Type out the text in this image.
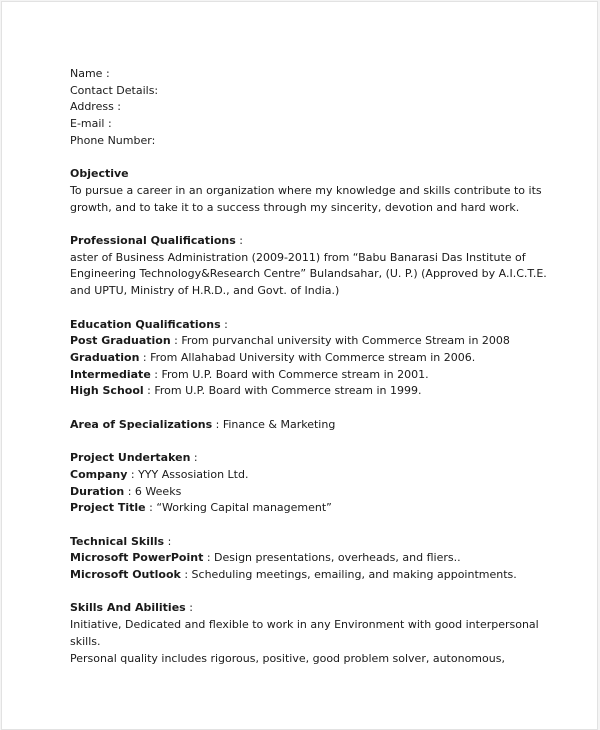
Name :
Contact Details:
Address :
E-mail :
Phone Number:
Objective
To pursue a career in an organization where my knowledge and skills contribute to its
growth, and to take it to a success through my sincerity, devotion and hard work.
Professional Qualifications :
aster of Business Administration (2009-2011) from “Babu Banarasi Das Institute of
Engineering Technology&Research Centre” Bulandsahar, (U. P.) (Approved by A.I.C.T.E.
and UPTU, Ministry of H.R.D., and Govt. of India.)
Education Qualifications :
Post Graduation : From purvanchal university with Commerce Stream in 2008
Graduation : From Allahabad University with Commerce stream in 2006.
Intermediate : From U.P. Board with Commerce stream in 2001.
High School : From U.P. Board with Commerce stream in 1999.
Area of Specializations : Finance & Marketing
Project Undertaken :
Company : YYY Assosiation Ltd.
Duration : 6 Weeks
Project Title : “Working Capital management”
Technical Skills :
Microsoft PowerPoint : Design presentations, overheads, and fliers..
Microsoft Outlook : Scheduling meetings, emailing, and making appointments.
Skills And Abilities :
Initiative, Dedicated and flexible to work in any Environment with good interpersonal
skills.
Personal quality includes rigorous, positive, good problem solver, autonomous,
